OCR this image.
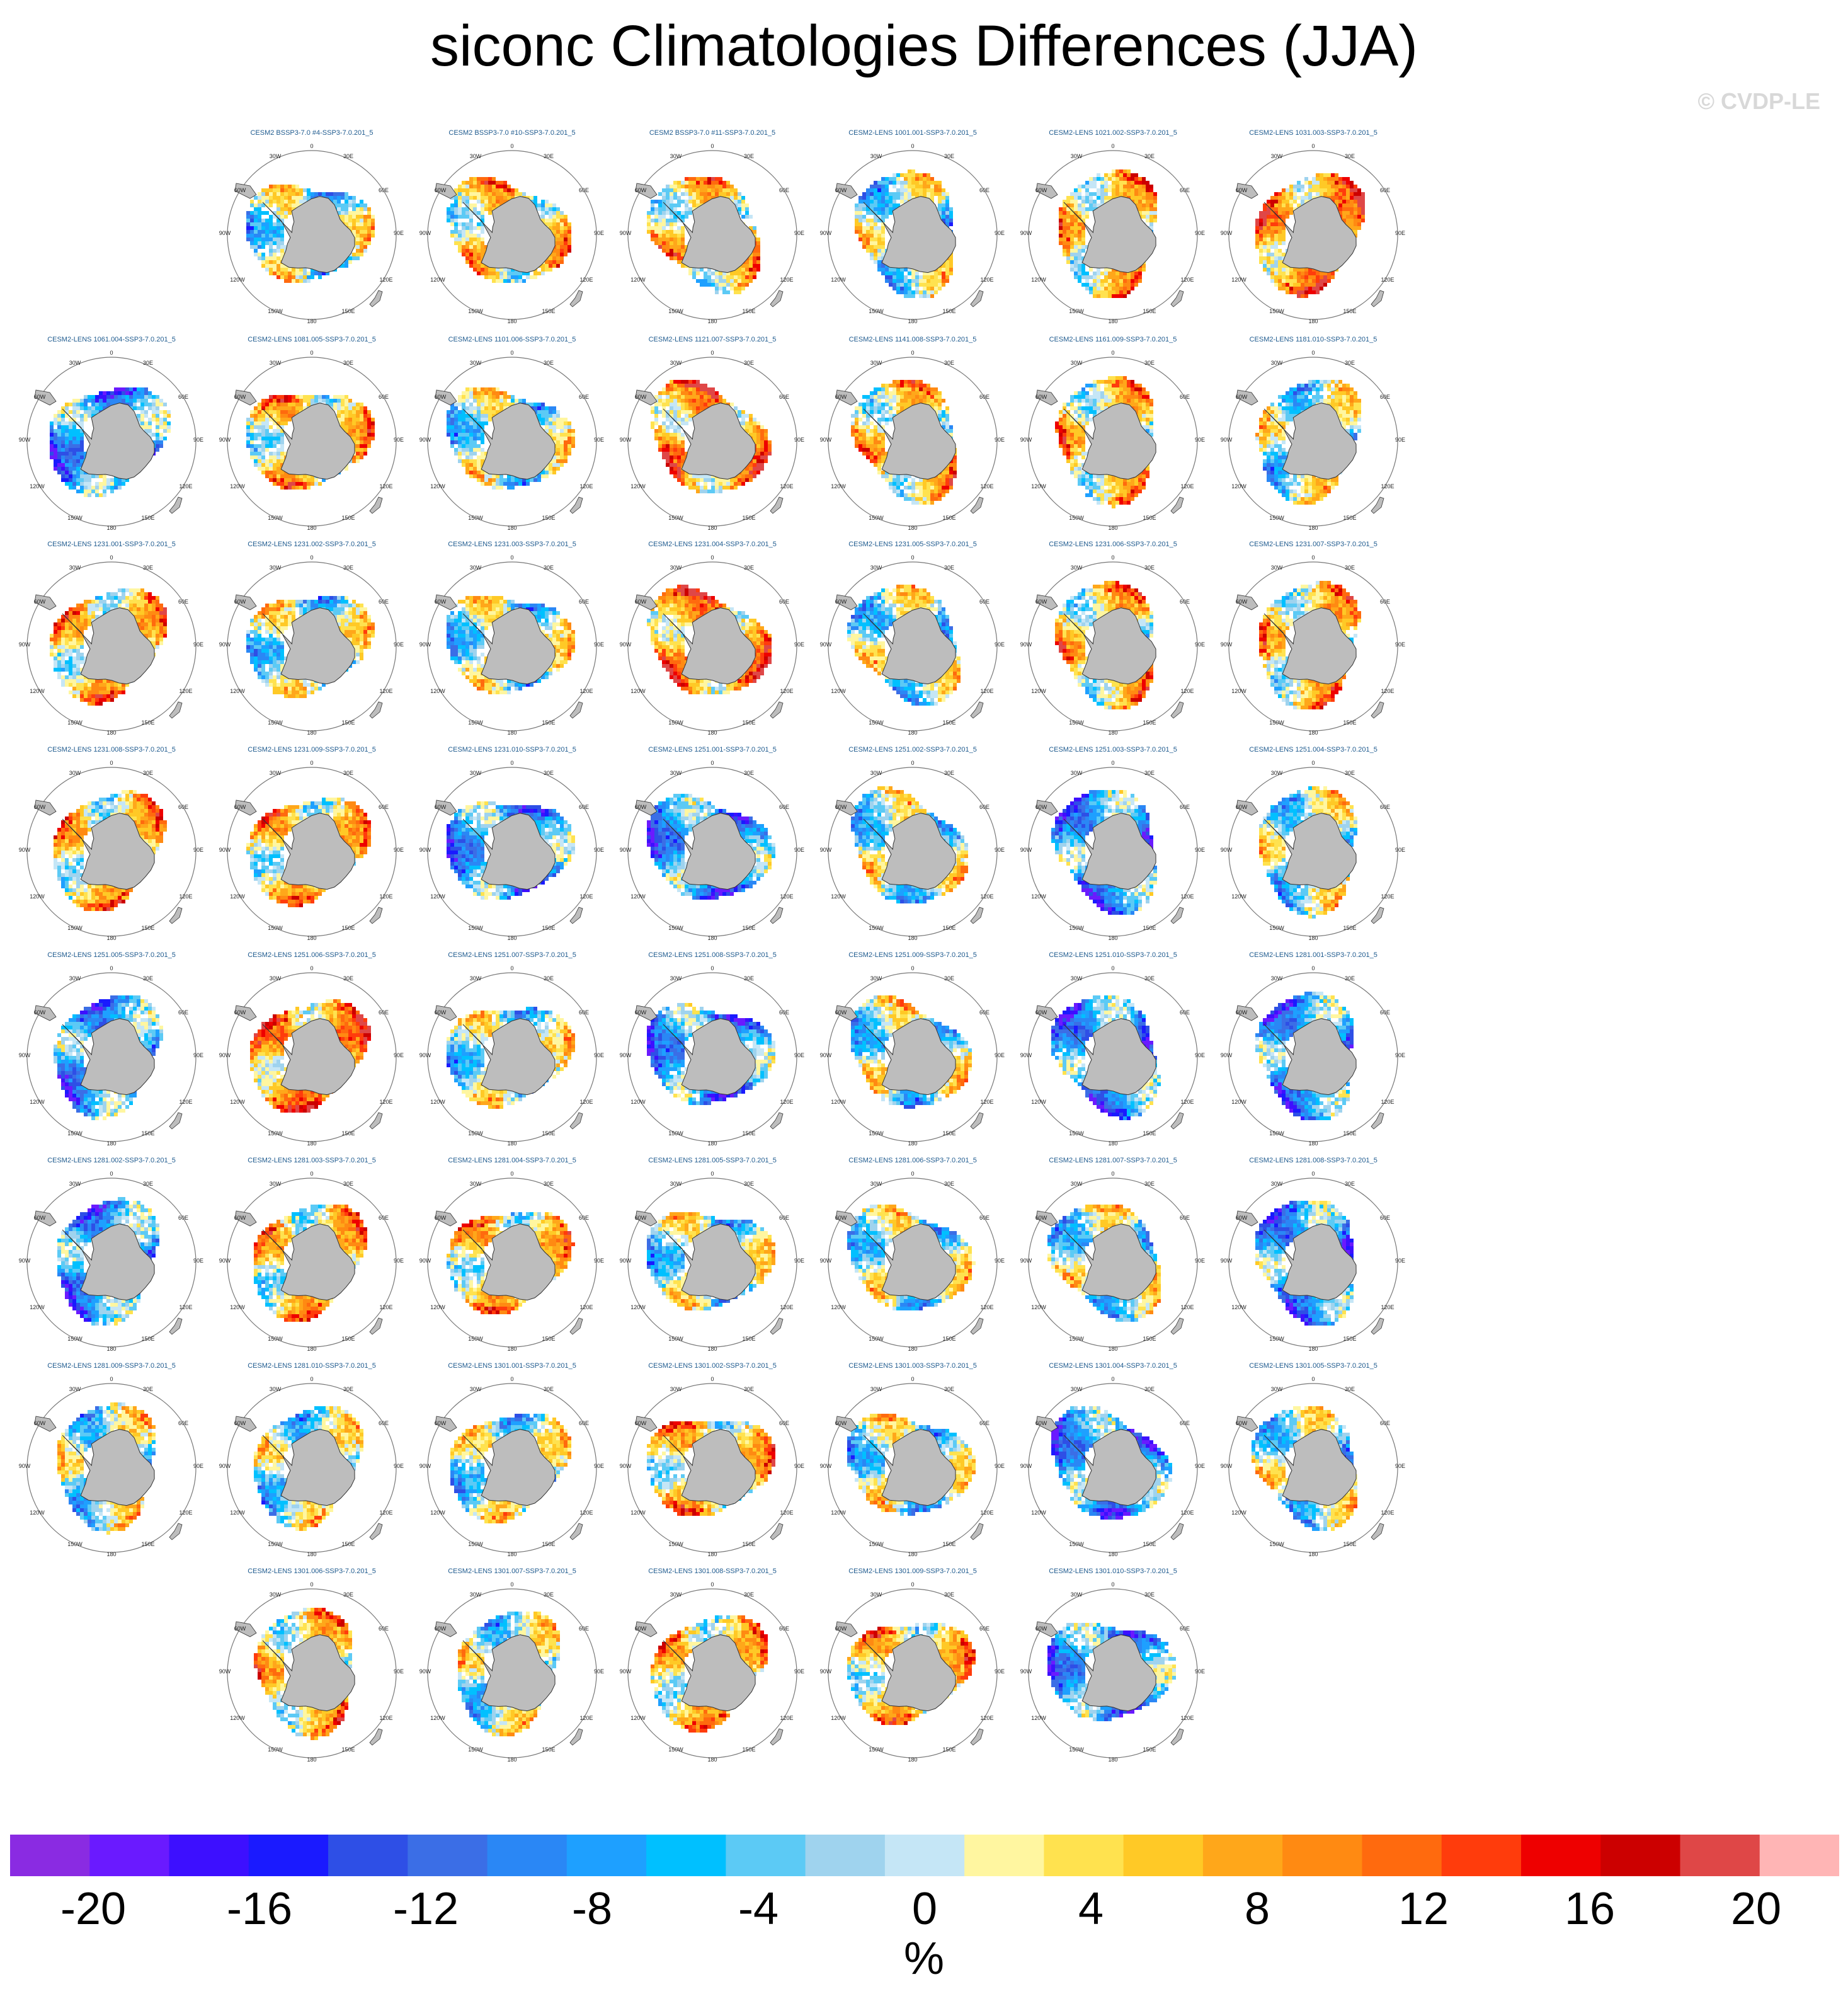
siconc Climatologies Differences (JJA)
© CVDP-LE
CESM2 BSSP3-7.0 #4-SSP3-7.0.201_5
0
30W	30E
60W	60E
90W	90E
120W	120E
150W	150E
180
CESM2 BSSP3-7.0 #10-SSP3-7.0.201_5
0
30W	30E
60W	60E
90W	90E
120W	120E
150W	150E
180
CESM2 BSSP3-7.0 #11-SSP3-7.0.201_5
0
30W	30E
60W	60E
90W	90E
120W	120E
150W	150E
180
CESM2-LENS 1001.001-SSP3-7.0.201_5
0
30W	30E
60W	60E
90W	90E
120W	120E
150W	150E
180
CESM2-LENS 1021.002-SSP3-7.0.201_5
0
30W	30E
60W	60E
90W	90E
120W	120E
150W	150E
180
CESM2-LENS 1031.003-SSP3-7.0.201_5
0
30W	30E
60W	60E
90W	90E
120W	120E
150W	150E
180
CESM2-LENS 1061.004-SSP3-7.0.201_5
0
30W	30E
60W	60E
90W	90E
120W	120E
150W	150E
180
CESM2-LENS 1081.005-SSP3-7.0.201_5
0
30W	30E
60W	60E
90W	90E
120W	120E
150W	150E
180
CESM2-LENS 1101.006-SSP3-7.0.201_5
0
30W	30E
60W	60E
90W	90E
120W	120E
150W	150E
180
CESM2-LENS 1121.007-SSP3-7.0.201_5
0
30W	30E
60W	60E
90W	90E
120W	120E
150W	150E
180
CESM2-LENS 1141.008-SSP3-7.0.201_5
0
30W	30E
60W	60E
90W	90E
120W	120E
150W	150E
180
CESM2-LENS 1161.009-SSP3-7.0.201_5
0
30W	30E
60W	60E
90W	90E
120W	120E
150W	150E
180
CESM2-LENS 1181.010-SSP3-7.0.201_5
0
30W	30E
60W	60E
90W	90E
120W	120E
150W	150E
180
CESM2-LENS 1231.001-SSP3-7.0.201_5
0
30W	30E
60W	60E
90W	90E
120W	120E
150W	150E
180
CESM2-LENS 1231.002-SSP3-7.0.201_5
0
30W	30E
60W	60E
90W	90E
120W	120E
150W	150E
180
CESM2-LENS 1231.003-SSP3-7.0.201_5
0
30W	30E
60W	60E
90W	90E
120W	120E
150W	150E
180
CESM2-LENS 1231.004-SSP3-7.0.201_5
0
30W	30E
60W	60E
90W	90E
120W	120E
150W	150E
180
CESM2-LENS 1231.005-SSP3-7.0.201_5
0
30W	30E
60W	60E
90W	90E
120W	120E
150W	150E
180
CESM2-LENS 1231.006-SSP3-7.0.201_5
0
30W	30E
60W	60E
90W	90E
120W	120E
150W	150E
180
CESM2-LENS 1231.007-SSP3-7.0.201_5
0
30W	30E
60W	60E
90W	90E
120W	120E
150W	150E
180
CESM2-LENS 1231.008-SSP3-7.0.201_5
0
30W	30E
60W	60E
90W	90E
120W	120E
150W	150E
180
CESM2-LENS 1231.009-SSP3-7.0.201_5
0
30W	30E
60W	60E
90W	90E
120W	120E
150W	150E
180
CESM2-LENS 1231.010-SSP3-7.0.201_5
0
30W	30E
60W	60E
90W	90E
120W	120E
150W	150E
180
CESM2-LENS 1251.001-SSP3-7.0.201_5
0
30W	30E
60W	60E
90W	90E
120W	120E
150W	150E
180
CESM2-LENS 1251.002-SSP3-7.0.201_5
0
30W	30E
60W	60E
90W	90E
120W	120E
150W	150E
180
CESM2-LENS 1251.003-SSP3-7.0.201_5
0
30W	30E
60W	60E
90W	90E
120W	120E
150W	150E
180
CESM2-LENS 1251.004-SSP3-7.0.201_5
0
30W	30E
60W	60E
90W	90E
120W	120E
150W	150E
180
CESM2-LENS 1251.005-SSP3-7.0.201_5
0
30W	30E
60W	60E
90W	90E
120W	120E
150W	150E
180
CESM2-LENS 1251.006-SSP3-7.0.201_5
0
30W	30E
60W	60E
90W	90E
120W	120E
150W	150E
180
CESM2-LENS 1251.007-SSP3-7.0.201_5
0
30W	30E
60W	60E
90W	90E
120W	120E
150W	150E
180
CESM2-LENS 1251.008-SSP3-7.0.201_5
0
30W	30E
60W	60E
90W	90E
120W	120E
150W	150E
180
CESM2-LENS 1251.009-SSP3-7.0.201_5
0
30W	30E
60W	60E
90W	90E
120W	120E
150W	150E
180
CESM2-LENS 1251.010-SSP3-7.0.201_5
0
30W	30E
60W	60E
90W	90E
120W	120E
150W	150E
180
CESM2-LENS 1281.001-SSP3-7.0.201_5
0
30W	30E
60W	60E
90W	90E
120W	120E
150W	150E
180
CESM2-LENS 1281.002-SSP3-7.0.201_5
0
30W	30E
60W	60E
90W	90E
120W	120E
150W	150E
180
CESM2-LENS 1281.003-SSP3-7.0.201_5
0
30W	30E
60W	60E
90W	90E
120W	120E
150W	150E
180
CESM2-LENS 1281.004-SSP3-7.0.201_5
0
30W	30E
60W	60E
90W	90E
120W	120E
150W	150E
180
CESM2-LENS 1281.005-SSP3-7.0.201_5
0
30W	30E
60W	60E
90W	90E
120W	120E
150W	150E
180
CESM2-LENS 1281.006-SSP3-7.0.201_5
0
30W	30E
60W	60E
90W	90E
120W	120E
150W	150E
180
CESM2-LENS 1281.007-SSP3-7.0.201_5
0
30W	30E
60W	60E
90W	90E
120W	120E
150W	150E
180
CESM2-LENS 1281.008-SSP3-7.0.201_5
0
30W	30E
60W	60E
90W	90E
120W	120E
150W	150E
180
CESM2-LENS 1281.009-SSP3-7.0.201_5
0
30W	30E
60W	60E
90W	90E
120W	120E
150W	150E
180
CESM2-LENS 1281.010-SSP3-7.0.201_5
0
30W	30E
60W	60E
90W	90E
120W	120E
150W	150E
180
CESM2-LENS 1301.001-SSP3-7.0.201_5
0
30W	30E
60W	60E
90W	90E
120W	120E
150W	150E
180
CESM2-LENS 1301.002-SSP3-7.0.201_5
0
30W	30E
60W	60E
90W	90E
120W	120E
150W	150E
180
CESM2-LENS 1301.003-SSP3-7.0.201_5
0
30W	30E
60W	60E
90W	90E
120W	120E
150W	150E
180
CESM2-LENS 1301.004-SSP3-7.0.201_5
0
30W	30E
60W	60E
90W	90E
120W	120E
150W	150E
180
CESM2-LENS 1301.005-SSP3-7.0.201_5
0
30W	30E
60W	60E
90W	90E
120W	120E
150W	150E
180
CESM2-LENS 1301.006-SSP3-7.0.201_5
0
30W	30E
60W	60E
90W	90E
120W	120E
150W	150E
180
CESM2-LENS 1301.007-SSP3-7.0.201_5
0
30W	30E
60W	60E
90W	90E
120W	120E
150W	150E
180
CESM2-LENS 1301.008-SSP3-7.0.201_5
0
30W	30E
60W	60E
90W	90E
120W	120E
150W	150E
180
CESM2-LENS 1301.009-SSP3-7.0.201_5
0
30W	30E
60W	60E
90W	90E
120W	120E
150W	150E
180
CESM2-LENS 1301.010-SSP3-7.0.201_5
0
30W	30E
60W	60E
90W	90E
120W	120E
150W	150E
180
-20 -16 -12 -8	-4	0	4	8	12	16	20
%
